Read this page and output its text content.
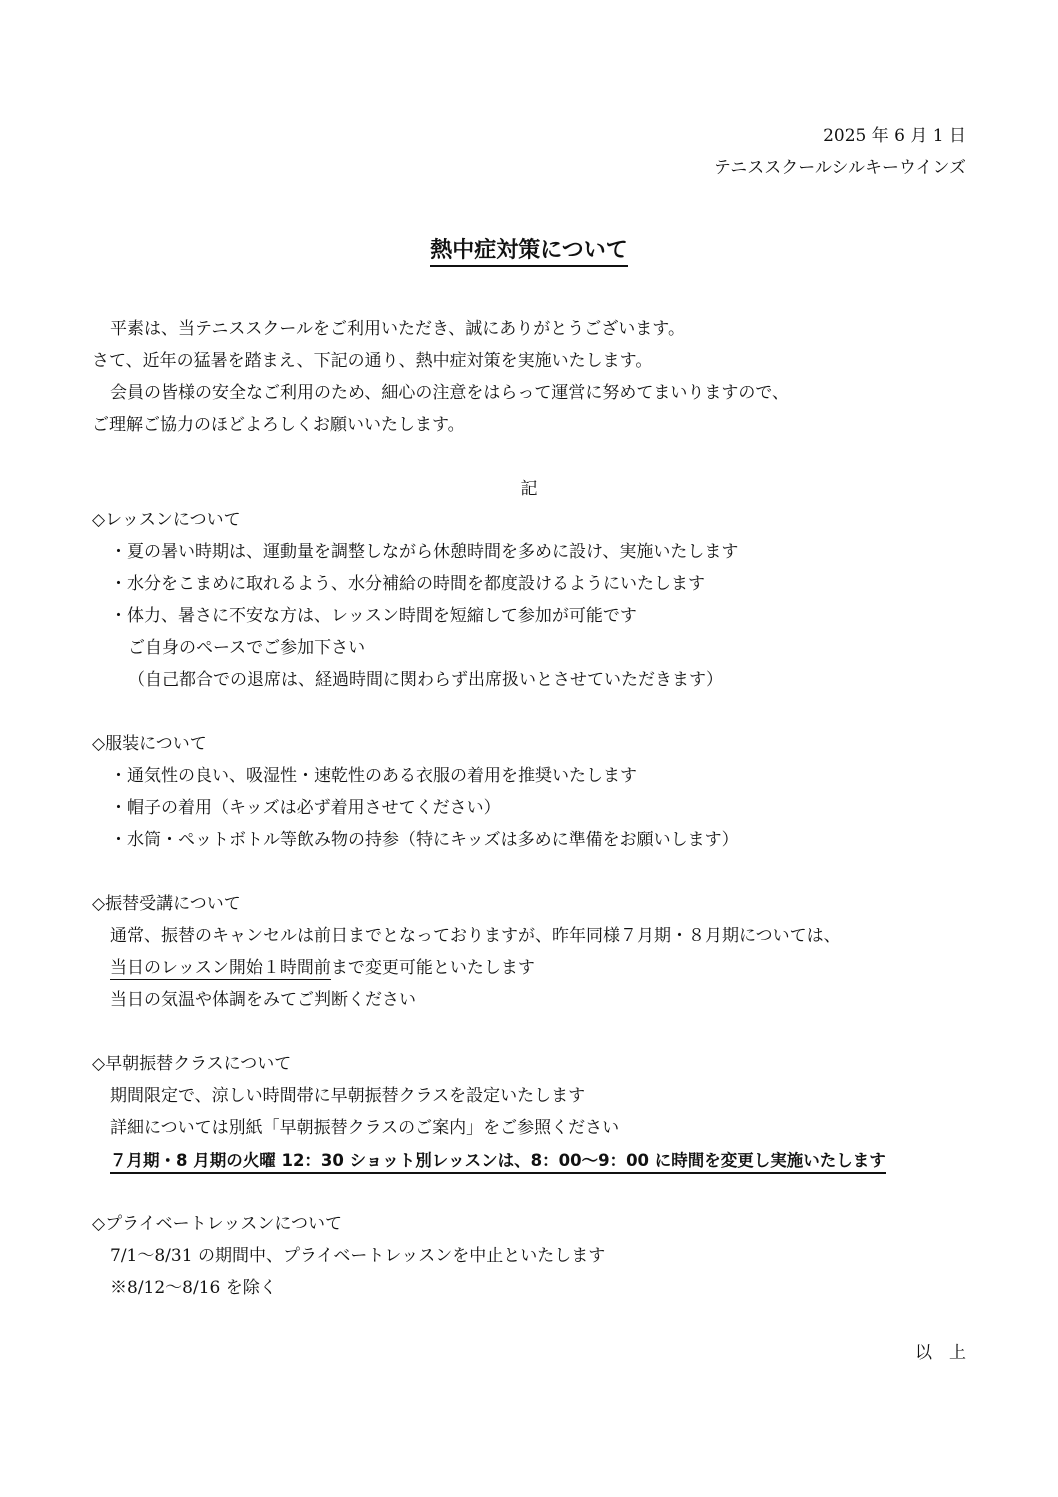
2025 年 6 月 1 日
テニススクールシルキーウインズ
熱中症対策について
平素は、当テニススクールをご利用いただき、誠にありがとうございます。
さて、近年の猛暑を踏まえ、下記の通り、熱中症対策を実施いたします。
会員の皆様の安全なご利用のため、細心の注意をはらって運営に努めてまいりますので、
ご理解ご協力のほどよろしくお願いいたします。
記
◇レッスンについて
・夏の暑い時期は、運動量を調整しながら休憩時間を多めに設け、実施いたします
・水分をこまめに取れるよう、水分補給の時間を都度設けるようにいたします
・体力、暑さに不安な方は、レッスン時間を短縮して参加が可能です
ご自身のペースでご参加下さい
（自己都合での退席は、経過時間に関わらず出席扱いとさせていただきます）
◇服装について
・通気性の良い、吸湿性・速乾性のある衣服の着用を推奨いたします
・帽子の着用（キッズは必ず着用させてください）
・水筒・ペットボトル等飲み物の持参（特にキッズは多めに準備をお願いします）
◇振替受講について
通常、振替のキャンセルは前日までとなっておりますが、昨年同様７月期・８月期については、
当日のレッスン開始１時間前まで変更可能といたします
当日の気温や体調をみてご判断ください
◇早朝振替クラスについて
期間限定で、涼しい時間帯に早朝振替クラスを設定いたします
詳細については別紙「早朝振替クラスのご案内」をご参照ください
７月期・8 月期の火曜 12：30 ショット別レッスンは、8：00〜9：00 に時間を変更し実施いたします
◇プライベートレッスンについて
7/1〜8/31 の期間中、プライベートレッスンを中止といたします
※8/12〜8/16 を除く
以　上
